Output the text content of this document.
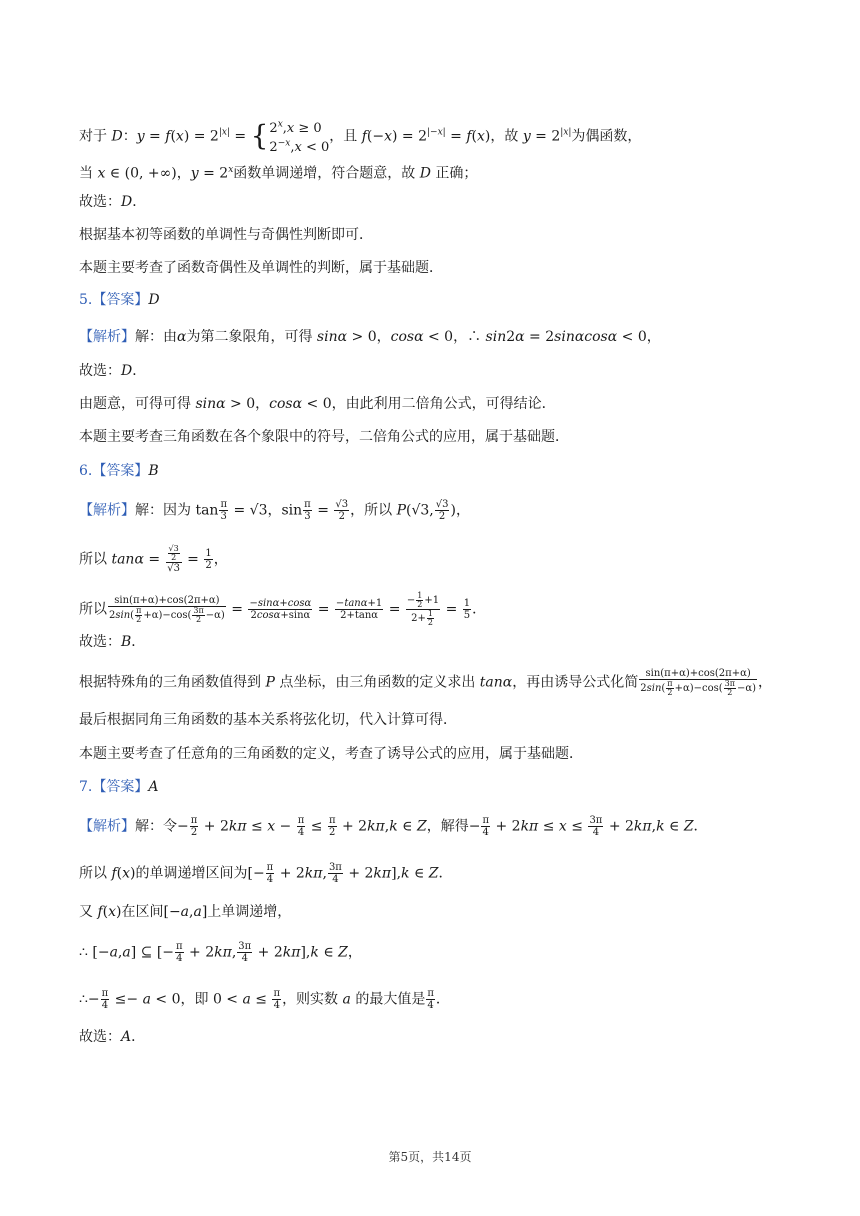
对于 D：$y = f(x) = 2^{|x|} = \{2^x,x \ge 0$
$2^{-x},x < 0$，且 $f(-x) = 2^{|-x|} = f(x)$，故 $y = 2^{|x|}$为偶函数，
当 x ∈ (0, +∞)，$y = 2^x$函数单调递增，符合题意，故 D 正确；
故选：D．
根据基本初等函数的单调性与奇偶性判断即可．
本题主要考查了函数奇偶性及单调性的判断，属于基础题．
5.【答案】D
【解析】解：由α为第二象限角，可得 sinα > 0，cosα < 0，∴ sin2α = 2sinαcosα < 0，
故选：D．
由题意，可得可得 sinα > 0，cosα < 0，由此利用二倍角公式，可得结论．
本题主要考查三角函数在各个象限中的符号，二倍角公式的应用，属于基础题．
6.【答案】B
【解析】解：因为 $\tan \frac{\pi}{3} = √3$，$\sin \frac{\pi}{3} = \frac{√3}{2}$ ，所以 P(√3, $\frac{√3}{2}$ )，
所以 $\tan\alpha = \frac{\frac{√3}{2}}{√3} = \frac{1}{2}$ ，
所以 $\frac{\sin(\pi+\alpha)+\cos(2\pi+\alpha)}{2\sin( \frac{\pi}{2} +\alpha)-\cos( \frac{3\pi}{2} -\alpha)} = \frac{-\sin\alpha+\cos\alpha}{2\cos\alpha+\sin\alpha} = \frac{-\tan\alpha+1}{2+\tan\alpha} = \frac{- \frac{1}{2} +1}{2+ \frac{1}{2}} = \frac{1}{5}$ ．
故选：B．
根据特殊角的三角函数值得到 P 点坐标，由三角函数的定义求出 tanα，再由诱导公式化简 $\frac{\sin(\pi+\alpha)+\cos(2\pi+\alpha)}{2\sin( \frac{\pi}{2} +\alpha)-\cos( \frac{3\pi}{2} -\alpha)}$ ，
最后根据同角三角函数的基本关系将弦化切，代入计算可得．
本题主要考查了任意角的三角函数的定义，考查了诱导公式的应用，属于基础题．
7.【答案】A
【解析】解：令− $\frac{\pi}{2} + 2k\pi \le x - \frac{\pi}{4} \le \frac{\pi}{2} + 2k\pi,k$ ∈ Z，解得− $\frac{\pi}{4} + 2k\pi \le x \le \frac{3\pi}{4} + 2k\pi,k$ ∈ Z．
所以 f(x)的单调递增区间为[− $\frac{\pi}{4} + 2k\pi$, $\frac{3\pi}{4} + 2k\pi],k$ ∈ Z．
又 f(x)在区间[−a,a]上单调递增，
∴ [−a,a] ⊆ [− $\frac{\pi}{4} + 2k\pi$, $\frac{3\pi}{4} + 2k\pi],k$ ∈ Z，
∴− $\frac{\pi}{4} \le- a < 0$，即 $0 < a \le \frac{\pi}{4}$ ，则实数 a 的最大值是 $\frac{\pi}{4}$ ．
故选：A．
第5页，共14页
